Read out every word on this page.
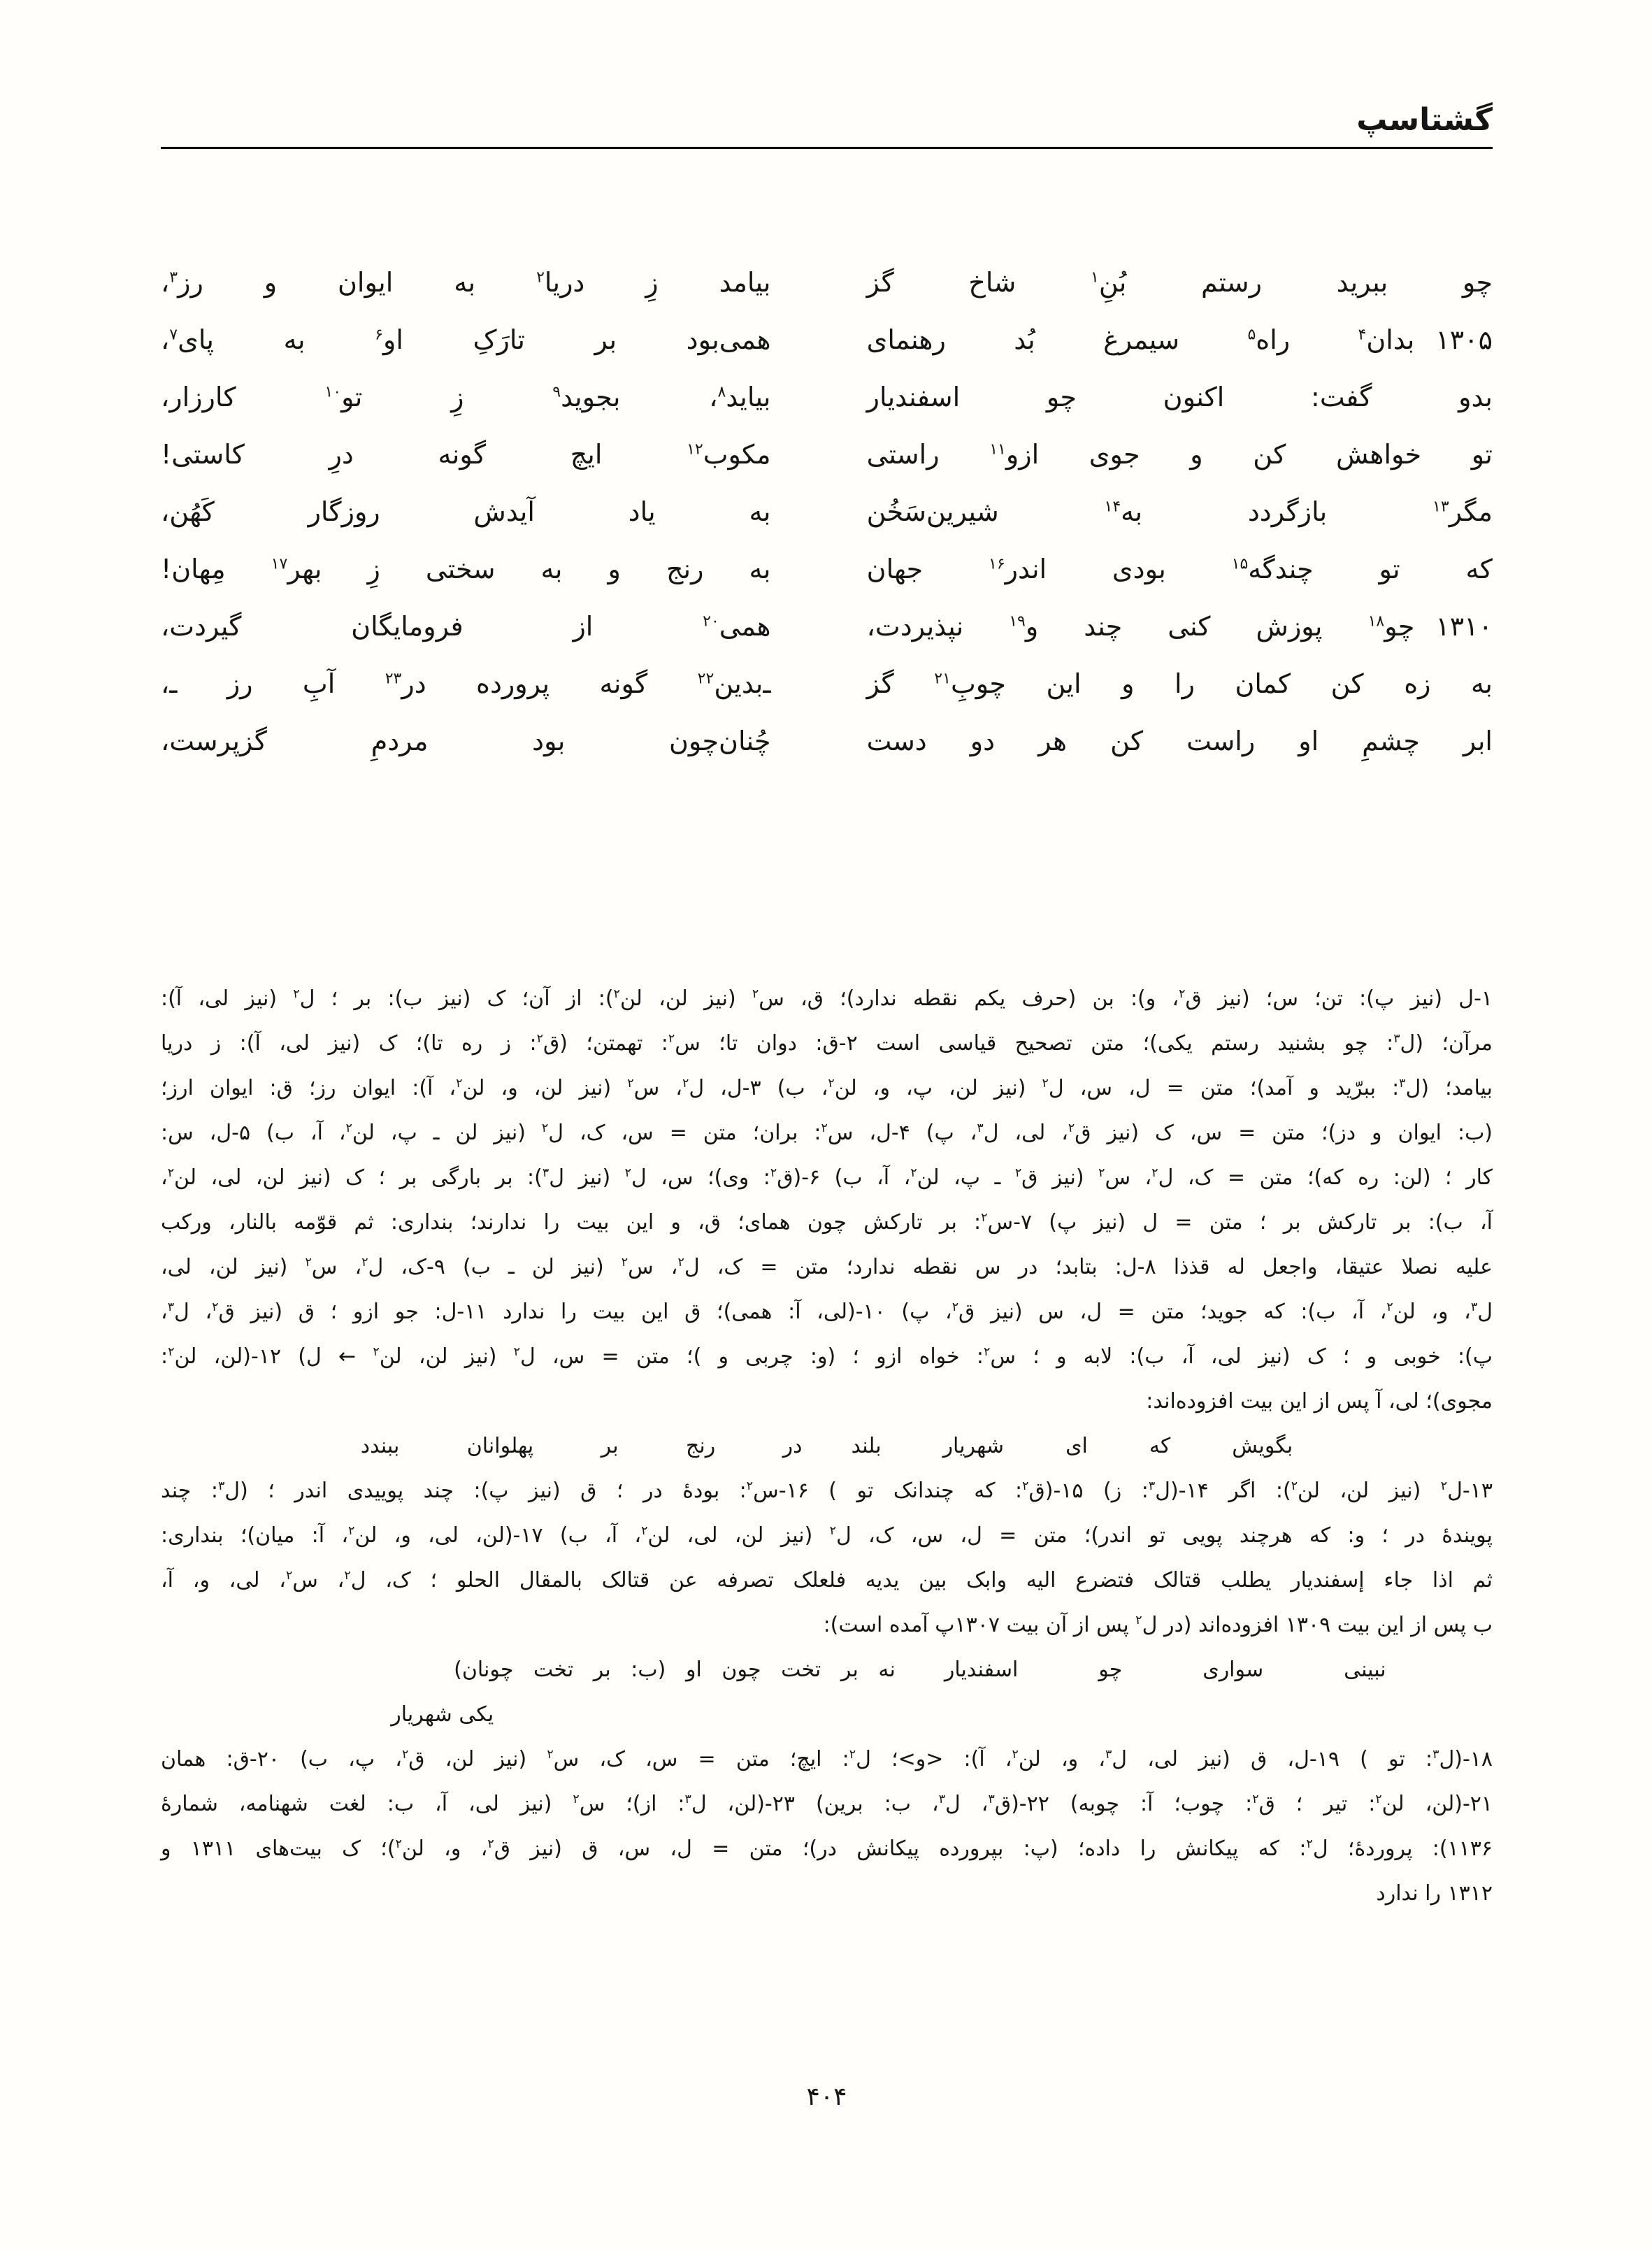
گشتاسپ
چو ببرید رستم بُنِ$^۱$ شاخ گز
بیامد زِ دریا$^۲$ به ایوان و رز$^۳$،
۱۳۰۵بدان$^۴$ راه$^۵$ سیمرغ بُد رهنمای
همی‌بود بر تارَکِ او$^۶$ به پای$^۷$،
بدو گفت: اکنون چو اسفندیار
بیاید$^۸$، بجوید$^۹$ زِ تو$^{۱۰}$ کارزار،
تو خواهش کن و جوی ازو$^{۱۱}$ راستی
مکوب$^{۱۲}$ ایچ گونه درِ کاستی!
مگر$^{۱۳}$ بازگردد به$^{۱۴}$ شیرین‌سَخُن
به یاد آیدش روزگار کَهُن،
که تو چندگه$^{۱۵}$ بودی اندر$^{۱۶}$ جهان
به رنج و به سختی زِ بهر$^{۱۷}$ مِهان!
۱۳۱۰چو$^{۱۸}$ پوزش کنی چند و$^{۱۹}$ نپذیردت،
همی$^{۲۰}$ از فرومایگان گیردت،
به زه کن کمان را و این چوبِ$^{۲۱}$ گز
ـ‌بدین$^{۲۲}$ گونه پرورده در$^{۲۳}$ آبِ رز ـ،
ابر چشمِ او راست کن هر دو دست
چُنان‌چون بود مردمِ گزپرست،
۱-ل (نیز پ): تن؛ س؛ (نیز ق$^۲$، و): بن (حرف یکم نقطه ندارد)؛ ق، س$^۲$ (نیز لن، لن$^۲$): از آن؛ ک (نیز ب): بر ؛ ل$^۲$ (نیز لی، آ):
مرآن؛ (ل$^۳$: چو بشنید رستم یکی)؛ متن تصحیح قیاسی است ۲-ق: دوان تا؛ س$^۲$: تهمتن؛ (ق$^۲$: ز ره تا)؛ ک (نیز لی، آ): ز دریا
بیامد؛ (ل$^۳$: ببرّید و آمد)؛ متن = ل، س، ل$^۲$ (نیز لن، پ، و، لن$^۲$، ب) ۳-ل، ل$^۲$، س$^۲$ (نیز لن، و، لن$^۲$، آ): ایوان رز؛ ق: ایوان ارز؛
(ب: ایوان و دز)؛ متن = س، ک (نیز ق$^۲$، لی، ل$^۳$، پ) ۴-ل، س$^۲$: بران؛ متن = س، ک، ل$^۲$ (نیز لن ـ پ، لن$^۲$، آ، ب) ۵-ل، س:
کار ؛ (لن: ره که)؛ متن = ک، ل$^۲$، س$^۲$ (نیز ق$^۲$ ـ پ، لن$^۲$، آ، ب) ۶-(ق$^۲$: وی)؛ س، ل$^۲$ (نیز ل$^۳$): بر بارگی بر ؛ ک (نیز لن، لی، لن$^۲$،
آ، ب): بر تارکش بر ؛ متن = ل (نیز پ) ۷-س$^۲$: بر تارکش چون همای؛ ق، و این بیت را ندارند؛ بنداری: ثم قوّمه بالنار، ورکب
علیه نصلا عتیقا، واجعل له قذذا ۸-ل: بتابد؛ در س نقطه ندارد؛ متن = ک، ل$^۲$، س$^۲$ (نیز لن ـ ب) ۹-ک، ل$^۲$، س$^۲$ (نیز لن، لی،
ل$^۳$، و، لن$^۲$، آ، ب): که جوید؛ متن = ل، س (نیز ق$^۲$، پ) ۱۰-(لی، آ: همی)؛ ق این بیت را ندارد ۱۱-ل: جو ازو ؛ ق (نیز ق$^۲$، ل$^۳$،
پ): خوبی و ؛ ک (نیز لی، آ، ب): لابه و ؛ س$^۲$: خواه ازو ؛ (و: چربی و )؛ متن = س، ل$^۲$ (نیز لن، لن$^۲$ ← ل) ۱۲-(لن، لن$^۲$:
مجوی)؛ لی، آ پس از این بیت افزوده‌اند:
بگویش که ای شهریار بلند
در رنج بر پهلوانان ببندد
۱۳-ل$^۲$ (نیز لن، لن$^۲$): اگر ۱۴-(ل$^۳$: ز) ۱۵-(ق$^۲$: که چندانک تو ) ۱۶-س$^۲$: بودهٔ در ؛ ق (نیز پ): چند پوییدی اندر ؛ (ل$^۳$: چند
پویندهٔ در ؛ و: که هرچند پویی تو اندر)؛ متن = ل، س، ک، ل$^۲$ (نیز لن، لی، لن$^۲$، آ، ب) ۱۷-(لن، لی، و، لن$^۲$، آ: میان)؛ بنداری:
ثم اذا جاء إسفندیار یطلب قتالک فتضرع الیه وابک بین یدیه فلعلک تصرفه عن قتالک بالمقال الحلو ؛ ک، ل$^۲$، س$^۲$، لی، و، آ،
ب پس از این بیت ۱۳۰۹ افزوده‌اند (در ل$^۲$ پس از آن بیت ۱۳۰۷پ آمده است):
نبینی سواری چو اسفندیار
نه بر تخت چون او (ب: بر تخت چونان)
یکی شهریار
۱۸-(ل$^۳$: تو ) ۱۹-ل، ق (نیز لی، ل$^۳$، و، لن$^۲$، آ): <و>؛ ل$^۲$: ایچ؛ متن = س، ک، س$^۲$ (نیز لن، ق$^۲$، پ، ب) ۲۰-ق: همان
۲۱-(لن، لن$^۲$: تیر ؛ ق$^۲$: چوب؛ آ: چوبه) ۲۲-(ق$^۳$، ل$^۳$، ب: برین) ۲۳-(لن، ل$^۳$: از)؛ س$^۲$ (نیز لی، آ، ب: لغت شهنامه، شمارهٔ
۱۱۳۶): پروردهٔ؛ ل$^۲$: که پیکانش را داده؛ (پ: بپرورده پیکانش در)؛ متن = ل، س، ق (نیز ق$^۲$، و، لن$^۲$)؛ ک بیت‌های ۱۳۱۱ و
۱۳۱۲ را ندارد
۴۰۴
